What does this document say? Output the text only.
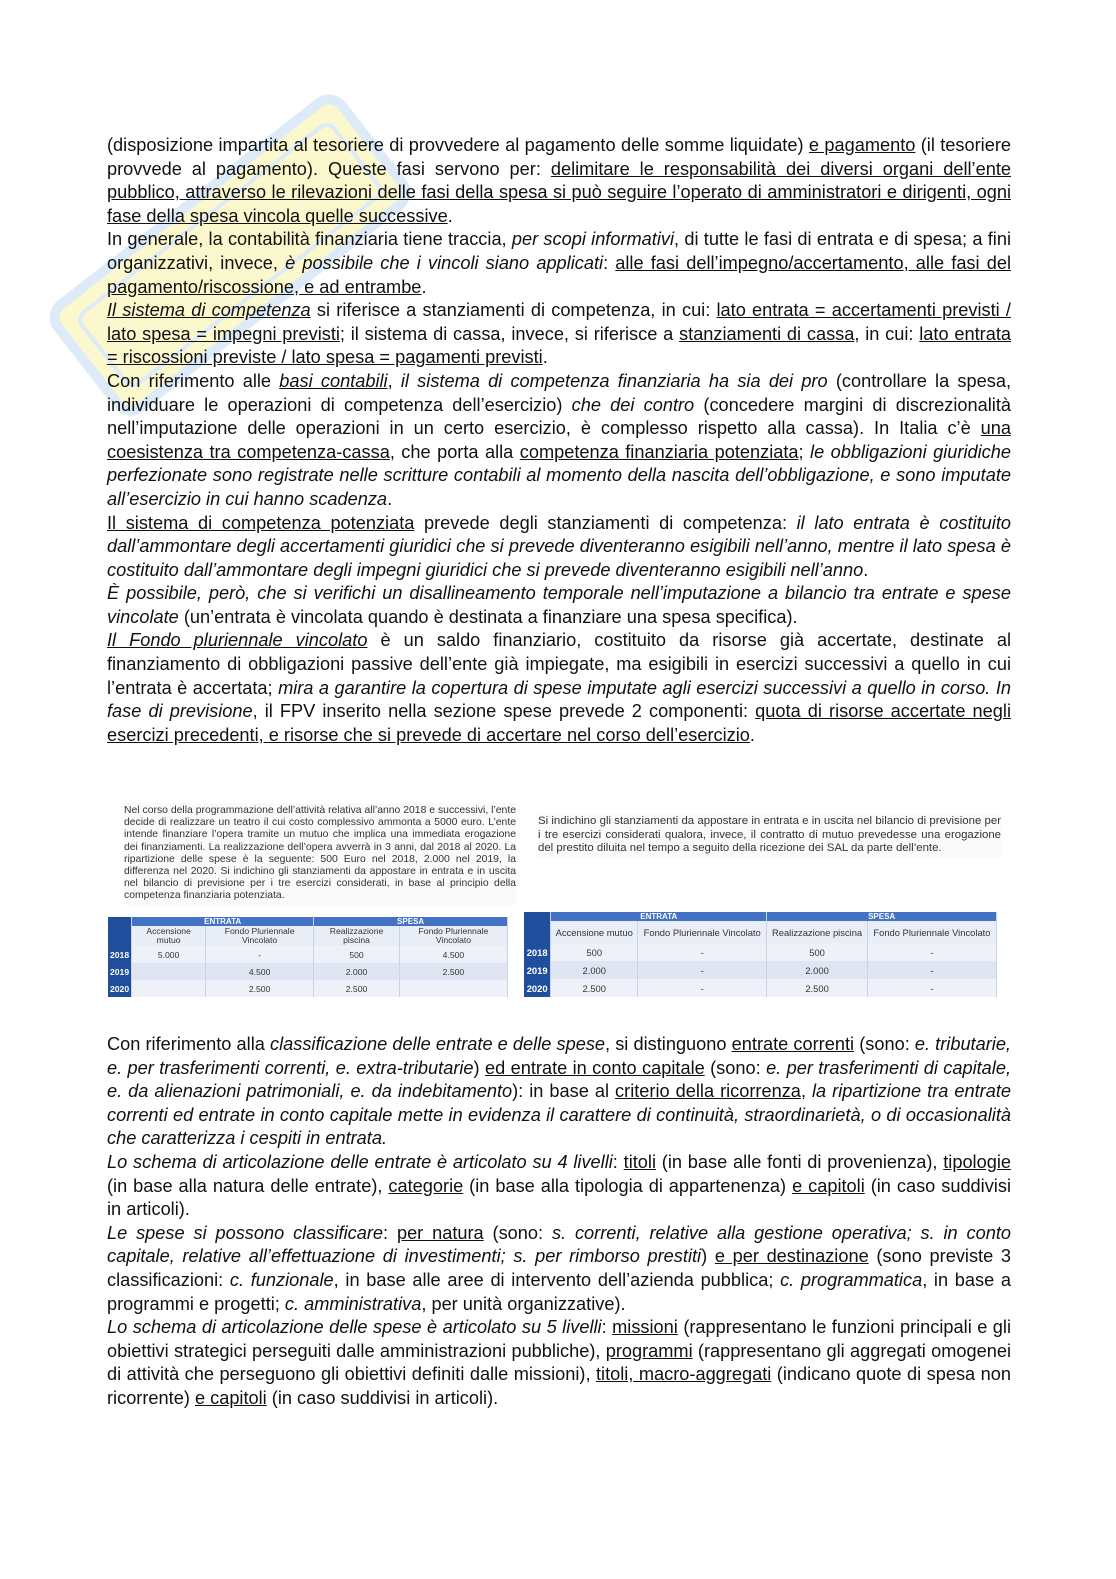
(disposizione impartita al tesoriere di provvedere al pagamento delle somme liquidate) e pagamento (il tesoriere provvede al pagamento). Queste fasi servono per: delimitare le responsabilità dei diversi organi dell’ente pubblico, attraverso le rilevazioni delle fasi della spesa si può seguire l’operato di amministratori e dirigenti, ogni fase della spesa vincola quelle successive.

In generale, la contabilità finanziaria tiene traccia, per scopi informativi, di tutte le fasi di entrata e di spesa; a fini organizzativi, invece, è possibile che i vincoli siano applicati: alle fasi dell’impegno/accertamento, alle fasi del pagamento/riscossione, e ad entrambe.

Il sistema di competenza si riferisce a stanziamenti di competenza, in cui: lato entrata = accertamenti previsti / lato spesa = impegni previsti; il sistema di cassa, invece, si riferisce a stanziamenti di cassa, in cui: lato entrata = riscossioni previste / lato spesa = pagamenti previsti.

Con riferimento alle basi contabili, il sistema di competenza finanziaria ha sia dei pro (controllare la spesa, individuare le operazioni di competenza dell’esercizio) che dei contro (concedere margini di discrezionalità nell’imputazione delle operazioni in un certo esercizio, è complesso rispetto alla cassa). In Italia c’è una coesistenza tra competenza-cassa, che porta alla competenza finanziaria potenziata; le obbligazioni giuridiche perfezionate sono registrate nelle scritture contabili al momento della nascita dell’obbligazione, e sono imputate all’esercizio in cui hanno scadenza.

Il sistema di competenza potenziata prevede degli stanziamenti di competenza: il lato entrata è costituito dall’ammontare degli accertamenti giuridici che si prevede diventeranno esigibili nell’anno, mentre il lato spesa è costituito dall’ammontare degli impegni giuridici che si prevede diventeranno esigibili nell’anno.

È possibile, però, che si verifichi un disallineamento temporale nell’imputazione a bilancio tra entrate e spese vincolate (un’entrata è vincolata quando è destinata a finanziare una spesa specifica).

Il Fondo pluriennale vincolato è un saldo finanziario, costituito da risorse già accertate, destinate al finanziamento di obbligazioni passive dell’ente già impiegate, ma esigibili in esercizi successivi a quello in cui l’entrata è accertata; mira a garantire la copertura di spese imputate agli esercizi successivi a quello in corso. In fase di previsione, il FPV inserito nella sezione spese prevede 2 componenti: quota di risorse accertate negli esercizi precedenti, e risorse che si prevede di accertare nel corso dell’esercizio.

Nel corso della programmazione dell’attività relativa all’anno 2018 e successivi, l’ente decide di realizzare un teatro il cui costo complessivo ammonta a 5000 euro. L’ente intende finanziare l’opera tramite un mutuo che implica una immediata erogazione dei finanziamenti. La realizzazione dell’opera avverrà in 3 anni, dal 2018 al 2020. La ripartizione delle spese è la seguente: 500 Euro nel 2018, 2.000 nel 2019, la differenza nel 2020. Si indichino gli stanziamenti da appostare in entrata e in uscita nel bilancio di previsione per i tre esercizi considerati, in base al principio della competenza finanziaria potenziata.
Si indichino gli stanziamenti da appostare in entrata e in uscita nel bilancio di previsione per i tre esercizi considerati qualora, invece, il contratto di mutuo prevedesse una erogazione del prestito diluita nel tempo a seguito della ricezione dei SAL da parte dell’ente.
	ENTRATA		SPESA	
	Accensione mutuo	Fondo Pluriennale Vincolato	Realizzazione piscina	Fondo Pluriennale Vincolato
2018	5.000	-	500	4.500
2019		4.500	2.000	2.500
2020		2.500	2.500	
	ENTRATA		SPESA	
	Accensione mutuo	Fondo Pluriennale Vincolato	Realizzazione piscina	Fondo Pluriennale Vincolato
2018	500	-	500	-
2019	2.000	-	2.000	-
2020	2.500	-	2.500	-

Con riferimento alla classificazione delle entrate e delle spese, si distinguono entrate correnti (sono: e. tributarie, e. per trasferimenti correnti, e. extra-tributarie) ed entrate in conto capitale (sono: e. per trasferimenti di capitale, e. da alienazioni patrimoniali, e. da indebitamento): in base al criterio della ricorrenza, la ripartizione tra entrate correnti ed entrate in conto capitale mette in evidenza il carattere di continuità, straordinarietà, o di occasionalità che caratterizza i cespiti in entrata.

Lo schema di articolazione delle entrate è articolato su 4 livelli: titoli (in base alle fonti di provenienza), tipologie (in base alla natura delle entrate), categorie (in base alla tipologia di appartenenza) e capitoli (in caso suddivisi in articoli).

Le spese si possono classificare: per natura (sono: s. correnti, relative alla gestione operativa; s. in conto capitale, relative all’effettuazione di investimenti; s. per rimborso prestiti) e per destinazione (sono previste 3 classificazioni: c. funzionale, in base alle aree di intervento dell’azienda pubblica; c. programmatica, in base a programmi e progetti; c. amministrativa, per unità organizzative).

Lo schema di articolazione delle spese è articolato su 5 livelli: missioni (rappresentano le funzioni principali e gli obiettivi strategici perseguiti dalle amministrazioni pubbliche), programmi (rappresentano gli aggregati omogenei di attività che perseguono gli obiettivi definiti dalle missioni), titoli, macro-aggregati (indicano quote di spesa non ricorrente) e capitoli (in caso suddivisi in articoli).
